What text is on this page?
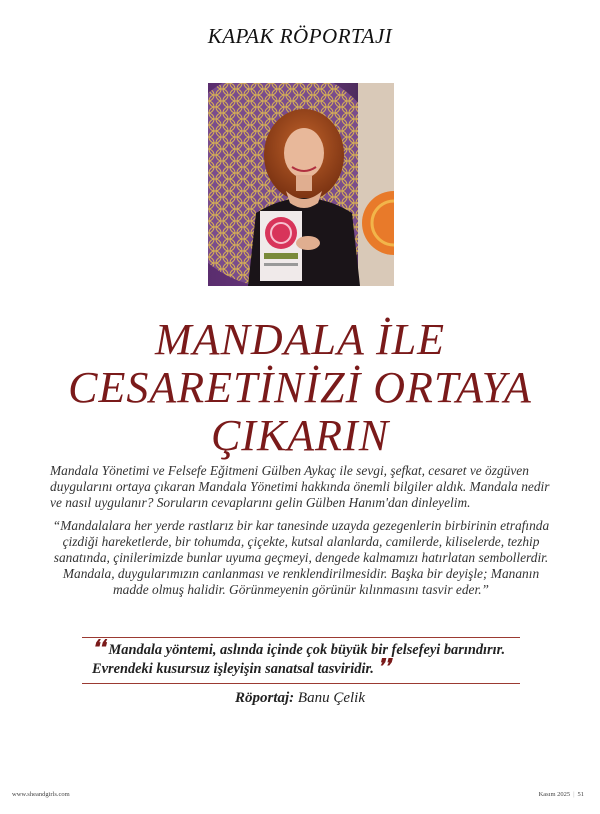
KAPAK RÖPORTAJI
MANDALA İLE
CESARETİNİZİ ORTAYA
ÇIKARIN
Mandala Yönetimi ve Felsefe Eğitmeni Gülben Aykaç ile sevgi, şefkat, cesaret ve özgüven duygularını ortaya çıkaran Mandala Yönetimi hakkında önemli bilgiler aldık. Mandala nedir ve nasıl uygulanır? Soruların cevaplarını gelin Gülben Hanım'dan dinleyelim.
“Mandalalara her yerde rastlarız bir kar tanesinde uzayda gezegenlerin birbirinin etrafında çizdiği hareketlerde, bir tohumda, çiçekte, kutsal alanlarda, camilerde, kiliselerde, tezhip sanatında, çinilerimizde bunlar uyuma geçmeyi, dengede kalmamızı hatırlatan sembollerdir. Mandala, duygularımızın canlanması ve renklendirilmesidir. Başka bir deyişle; Mananın madde olmuş halidir. Görünmeyenin görünür kılınmasını tasvir eder.”
❛❛ Mandala yöntemi, aslında içinde çok büyük bir felsefeyi barındırır. Evrendeki kusursuz işleyişin sanatsal tasviridir. ❜❜
Röportaj: Banu Çelik
www.sheandgirls.com	Kasım 2025 | 51
